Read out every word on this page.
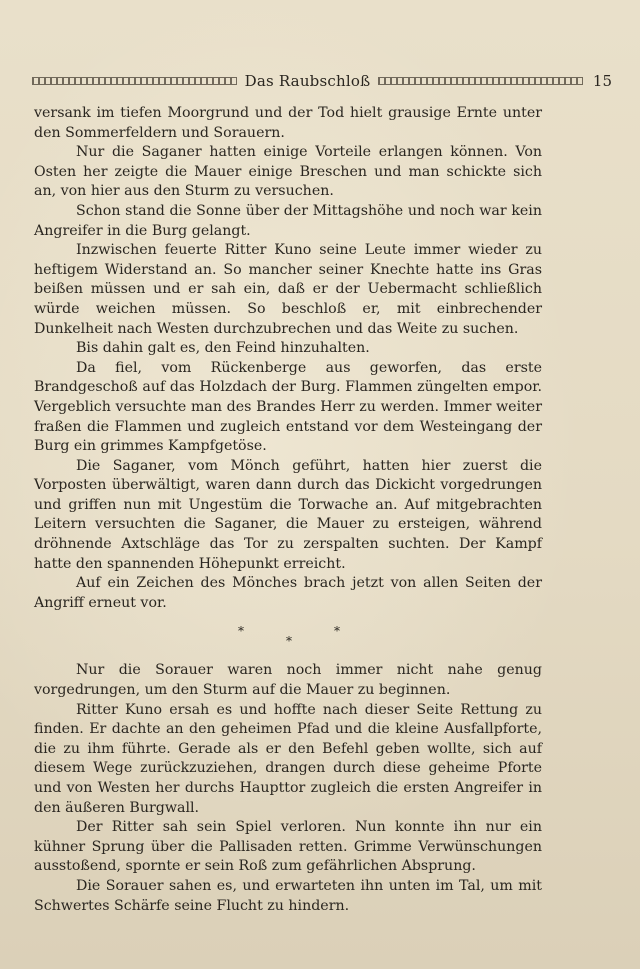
Das Raubschloß	15

versank im tiefen Moorgrund und der Tod hielt grausige Ernte unter den Sommerfeldern und Sorauern.

Nur die Saganer hatten einige Vorteile erlangen können. Von Osten her zeigte die Mauer einige Breschen und man schickte sich an, von hier aus den Sturm zu versuchen.

Schon stand die Sonne über der Mittagshöhe und noch war kein Angreifer in die Burg gelangt.

Inzwischen feuerte Ritter Kuno seine Leute immer wieder zu heftigem Widerstand an. So mancher seiner Knechte hatte ins Gras beißen müssen und er sah ein, daß er der Uebermacht schließlich würde weichen müssen. So beschloß er, mit einbrechender Dunkelheit nach Westen durchzubrechen und das Weite zu suchen.

Bis dahin galt es, den Feind hinzuhalten.

Da fiel, vom Rückenberge aus geworfen, das erste Brandgeschoß auf das Holzdach der Burg. Flammen züngelten empor. Vergeblich versuchte man des Brandes Herr zu werden. Immer weiter fraßen die Flammen und zugleich entstand vor dem Westeingang der Burg ein grimmes Kampfgetöse.

Die Saganer, vom Mönch geführt, hatten hier zuerst die Vorposten überwältigt, waren dann durch das Dickicht vorgedrungen und griffen nun mit Ungestüm die Torwache an. Auf mitgebrachten Leitern versuchten die Saganer, die Mauer zu ersteigen, während dröhnende Axtschläge das Tor zu zerspalten suchten. Der Kampf hatte den spannenden Höhepunkt erreicht.

Auf ein Zeichen des Mönches brach jetzt von allen Seiten der Angriff erneut vor.

*	*
*

Nur die Sorauer waren noch immer nicht nahe genug vorgedrungen, um den Sturm auf die Mauer zu beginnen.

Ritter Kuno ersah es und hoffte nach dieser Seite Rettung zu finden. Er dachte an den geheimen Pfad und die kleine Ausfallpforte, die zu ihm führte. Gerade als er den Befehl geben wollte, sich auf diesem Wege zurückzuziehen, drangen durch diese geheime Pforte und von Westen her durchs Haupttor zugleich die ersten Angreifer in den äußeren Burgwall.

Der Ritter sah sein Spiel verloren. Nun konnte ihn nur ein kühner Sprung über die Pallisaden retten. Grimme Verwünschungen ausstoßend, spornte er sein Roß zum gefährlichen Absprung.

Die Sorauer sahen es, und erwarteten ihn unten im Tal, um mit Schwertes Schärfe seine Flucht zu hindern.
